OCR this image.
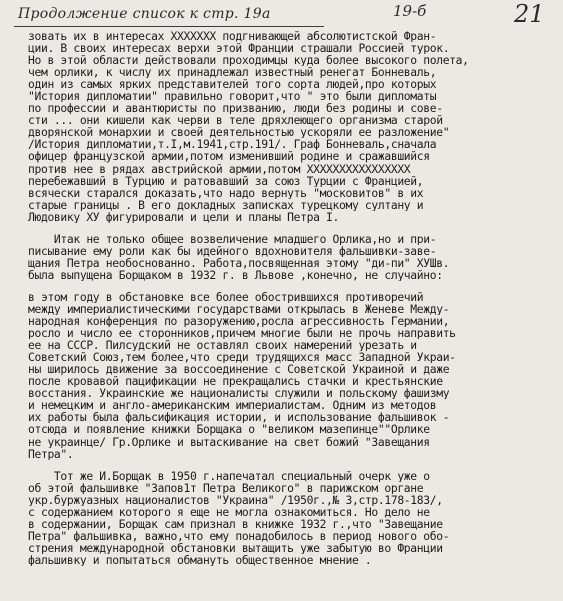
Продолжение список к стр. 19а	19-б	21
зовать их в интересах ХХХХХХХ подгнивающей абсолютистской Фран-
ции. В своих интересах верхи этой Франции страшали Россией турок.
Но в этой области действовали проходимцы куда более высокого полета,
чем орлики, к числу их принадлежал известный ренегат Бонневаль,
один из самых ярких представителей того сорта людей,про которых
"История дипломатии" правильно говорит,что " это были дипломаты
по профессии и авантюристы по призванию, люди без родины и сове-
сти ... они кишели как черви в теле дряхлеющего организма старой
дворянской монархии и своей деятельностью ускоряли ее разложение"
/История дипломатии,т.I,м.1941,стр.191/. Граф Бонневаль,сначала
офицер французской армии,потом изменивший родине и сражавшийся
против нее в рядах австрийской армии,потом ХХХХХХХХХХХХХХХХ
перебежавший в Турцию и ратовавший за союз Турции с Францией,
всячески старался доказать,что надо вернуть "московитов" в их
старые границы . В его докладных записках турецкому султану и
Людовику ХУ фигурировали и цели и планы Петра I.
Итак не только общее возвеличение младшего Орлика,но и при-
писывание ему роли как бы идейного вдохновителя фальшивки-завe-
щания Петра необоснованно. Работа,посвященная этому "ди-пи" ХУШв.
была выпущена Борщаком в 1932 г. в Львове ,конечно, не случайно:
в этом году в обстановке все более обострившихся противоречий
между империалистическими государствами открылась в Женеве Между-
народная конференция по разоружению,росла агрессивность Германии,
росло и число ее сторонников,причем многие были не прочь направить
ее на СССР. Пилсудский не оставлял своих намерений урезать и
Советский Союз,тем более,что среди трудящихся масс Западной Украи-
ны ширилось движение за воссоединение с Советской Украиной и даже
после кровавой пацификации не прекращались стачки и крестьянские
восстания. Украинские же националисты служили и польскому фашизму
и немецким и англо-американским империалистам. Одним из методов
их работы была фальсификация истории, и использование фальшивок -
отсюда и появление книжки Борщака о "великом мазепинце""Орлике
не украинце/ Гр.Орлике и вытаскивание на свет божий "Завещания
Петра".
Тот же И.Борщак в 1950 г.напечатал специальный очерк уже о
об этой фальшивке "Запов1т Петра Великого" в парижском органе
укр.буржуазных националистов "Украина" /1950г.,№ 3,стр.178-183/,
с содержанием которого я еще не могла ознакомиться. Но дело не
в содержании, Борщак сам признал в книжке 1932 г.,что "Завещание
Петра" фальшивка, важно,что ему понадобилось в период нового обо-
стрения международной обстановки вытащить уже забытую во Франции
фальшивку и попытаться обмануть общественное мнение .
